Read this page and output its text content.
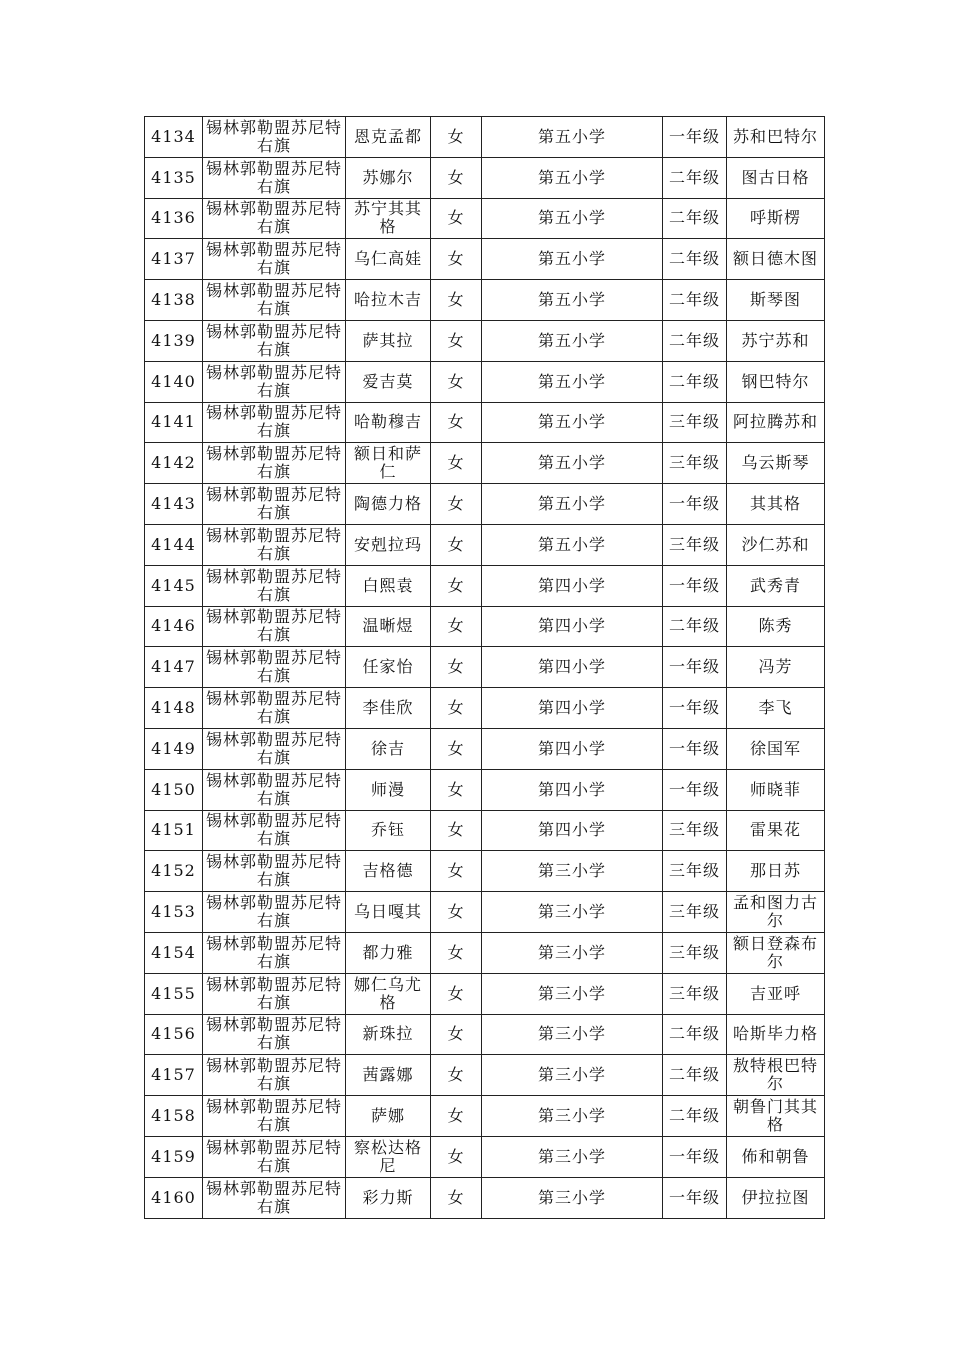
4134	锡林郭勒盟苏尼特右旗	恩克孟都	女	第五小学	一年级	苏和巴特尔
4135	锡林郭勒盟苏尼特右旗	苏娜尔	女	第五小学	二年级	图古日格
4136	锡林郭勒盟苏尼特右旗	苏宁其其格	女	第五小学	二年级	呼斯楞
4137	锡林郭勒盟苏尼特右旗	乌仁高娃	女	第五小学	二年级	额日德木图
4138	锡林郭勒盟苏尼特右旗	哈拉木吉	女	第五小学	二年级	斯琴图
4139	锡林郭勒盟苏尼特右旗	萨其拉	女	第五小学	二年级	苏宁苏和
4140	锡林郭勒盟苏尼特右旗	爱吉莫	女	第五小学	二年级	钢巴特尔
4141	锡林郭勒盟苏尼特右旗	哈勒穆吉	女	第五小学	三年级	阿拉腾苏和
4142	锡林郭勒盟苏尼特右旗	额日和萨仁	女	第五小学	三年级	乌云斯琴
4143	锡林郭勒盟苏尼特右旗	陶德力格	女	第五小学	一年级	其其格
4144	锡林郭勒盟苏尼特右旗	安剋拉玛	女	第五小学	三年级	沙仁苏和
4145	锡林郭勒盟苏尼特右旗	白熙袁	女	第四小学	一年级	武秀青
4146	锡林郭勒盟苏尼特右旗	温晰煜	女	第四小学	二年级	陈秀
4147	锡林郭勒盟苏尼特右旗	任家怡	女	第四小学	一年级	冯芳
4148	锡林郭勒盟苏尼特右旗	李佳欣	女	第四小学	一年级	李飞
4149	锡林郭勒盟苏尼特右旗	徐吉	女	第四小学	一年级	徐国军
4150	锡林郭勒盟苏尼特右旗	师漫	女	第四小学	一年级	师晓菲
4151	锡林郭勒盟苏尼特右旗	乔钰	女	第四小学	三年级	雷果花
4152	锡林郭勒盟苏尼特右旗	吉格德	女	第三小学	三年级	那日苏
4153	锡林郭勒盟苏尼特右旗	乌日嘎其	女	第三小学	三年级	孟和图力古尔
4154	锡林郭勒盟苏尼特右旗	都力雅	女	第三小学	三年级	额日登森布尔
4155	锡林郭勒盟苏尼特右旗	娜仁乌尤格	女	第三小学	三年级	吉亚呼
4156	锡林郭勒盟苏尼特右旗	新珠拉	女	第三小学	二年级	哈斯毕力格
4157	锡林郭勒盟苏尼特右旗	茜露娜	女	第三小学	二年级	敖特根巴特尔
4158	锡林郭勒盟苏尼特右旗	萨娜	女	第三小学	二年级	朝鲁门其其格
4159	锡林郭勒盟苏尼特右旗	察松达格尼	女	第三小学	一年级	佈和朝鲁
4160	锡林郭勒盟苏尼特右旗	彩力斯	女	第三小学	一年级	伊拉拉图
